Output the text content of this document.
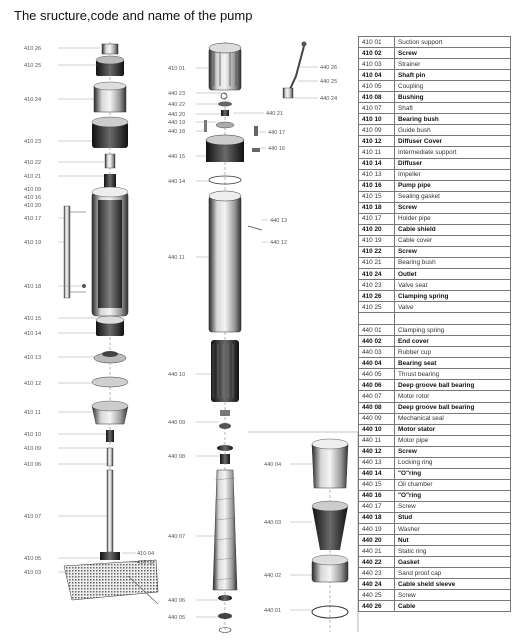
The sructure,code and name of the pump
410 26
410 25
410 24
410 23
410 22
410 21
410 09
410 16
410 20
410 17
410 19
410 18
410 15
410 14
410 13
410 12
410 11
410 10
410 09
410 06
410 07
410 05
410 03
410 04
410 02
410 01
440 23
440 22
440 20
440 19
440 18
440 15
440 14
440 11
440 10
440 09
440 08
440 07
440 06
440 05
440 26
440 25
440 24
440 21
440 17
440 16
440 13
440 12
440 04
440 03
440 02
440 01
410 01	Suction support
410 02	Screw
410 03	Strainer
410 04	Shaft pin
410 05	Coupling
410 08	Bushing
410 07	Shaft
410 10	Bearing bush
410 09	Guide bush
410 12	Diffuser Cover
410 11	Intermediate support
410 14	Diffuser
410 13	Impeller
410 16	Pump pipe
410 15	Sealing gasket
410 18	Screw
410 17	Holder pipe
410 20	Cable shield
410 19	Cable cover
410 22	Screw
410 21	Bearing bush
410 24	Outlet
410 23	Valve seat
410 26	Clamping spring
410 25	Valve

440 01	Clamping spring
440 02	End cover
440 03	Rubber cup
440 04	Bearing seat
440 05	Thrust bearing
440 06	Deep groove ball bearing
440 07	Motor rotor
440 08	Deep groove ball bearing
440 09	Mechanical seal
440 10	Motor stator
440 11	Motor pipe
440 12	Screw
440 13	Locking ring
440 14	"O"ring
440 15	Oil chamber
440 16	"O"ring
440 17	Screw
440 18	Stud
440 19	Washer
440 20	Nut
440 21	Static ring
440 22	Gasket
440 23	Sand proof cap
440 24	Cable sheld sleeve
440 25	Screw
440 26	Cable
